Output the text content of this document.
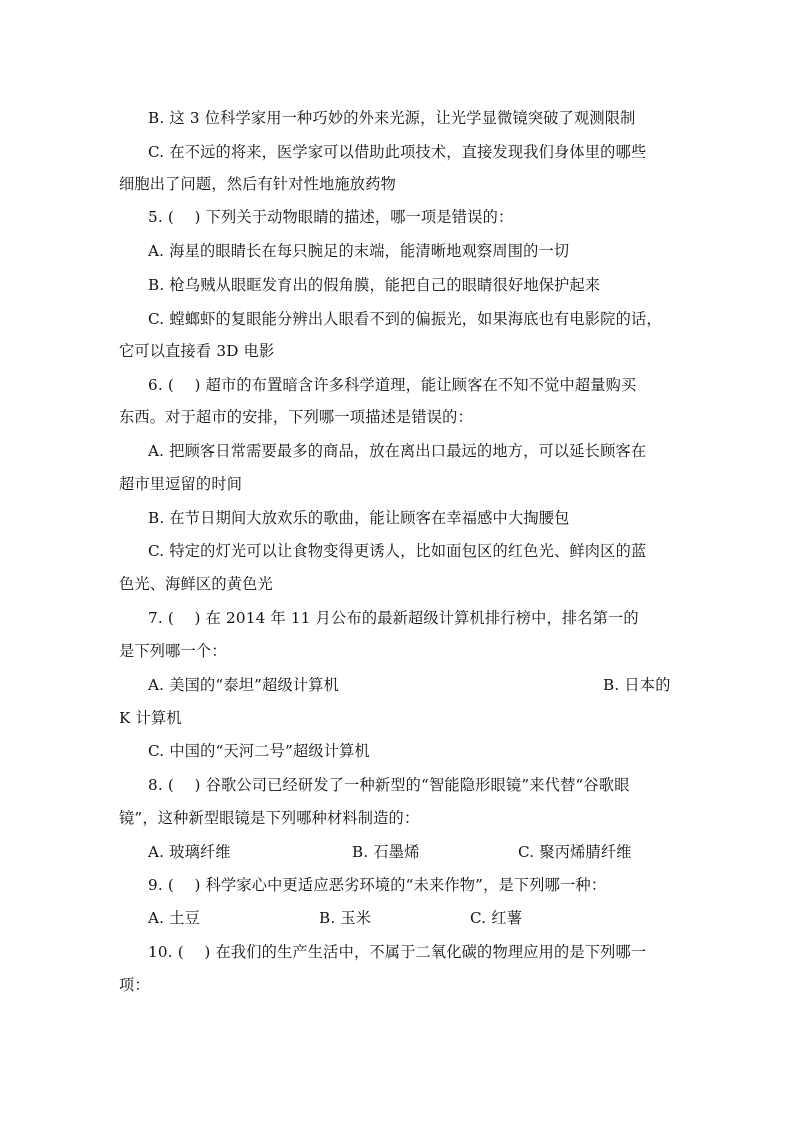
B. 这 3 位科学家用一种巧妙的外来光源，让光学显微镜突破了观测限制
C. 在不远的将来，医学家可以借助此项技术，直接发现我们身体里的哪些
细胞出了问题，然后有针对性地施放药物
5. (　 ) 下列关于动物眼睛的描述，哪一项是错误的：
A. 海星的眼睛长在每只腕足的末端，能清晰地观察周围的一切
B. 枪乌贼从眼眶发育出的假角膜，能把自己的眼睛很好地保护起来
C. 螳螂虾的复眼能分辨出人眼看不到的偏振光，如果海底也有电影院的话，
它可以直接看 3D 电影
6. (　 ) 超市的布置暗含许多科学道理，能让顾客在不知不觉中超量购买
东西。对于超市的安排，下列哪一项描述是错误的：
A. 把顾客日常需要最多的商品，放在离出口最远的地方，可以延长顾客在
超市里逗留的时间
B. 在节日期间大放欢乐的歌曲，能让顾客在幸福感中大掏腰包
C. 特定的灯光可以让食物变得更诱人，比如面包区的红色光、鲜肉区的蓝
色光、海鲜区的黄色光
7. (　 ) 在 2014 年 11 月公布的最新超级计算机排行榜中，排名第一的
是下列哪一个：
A. 美国的“泰坦”超级计算机	B. 日本的
K 计算机
C. 中国的“天河二号”超级计算机
8. (　 ) 谷歌公司已经研发了一种新型的“智能隐形眼镜”来代替“谷歌眼
镜”，这种新型眼镜是下列哪种材料制造的：
A. 玻璃纤维	B. 石墨烯	C. 聚丙烯腈纤维
9. (　 ) 科学家心中更适应恶劣环境的“未来作物”，是下列哪一种：
A. 土豆	B. 玉米	C. 红薯
10. (　 ) 在我们的生产生活中，不属于二氧化碳的物理应用的是下列哪一
项：
